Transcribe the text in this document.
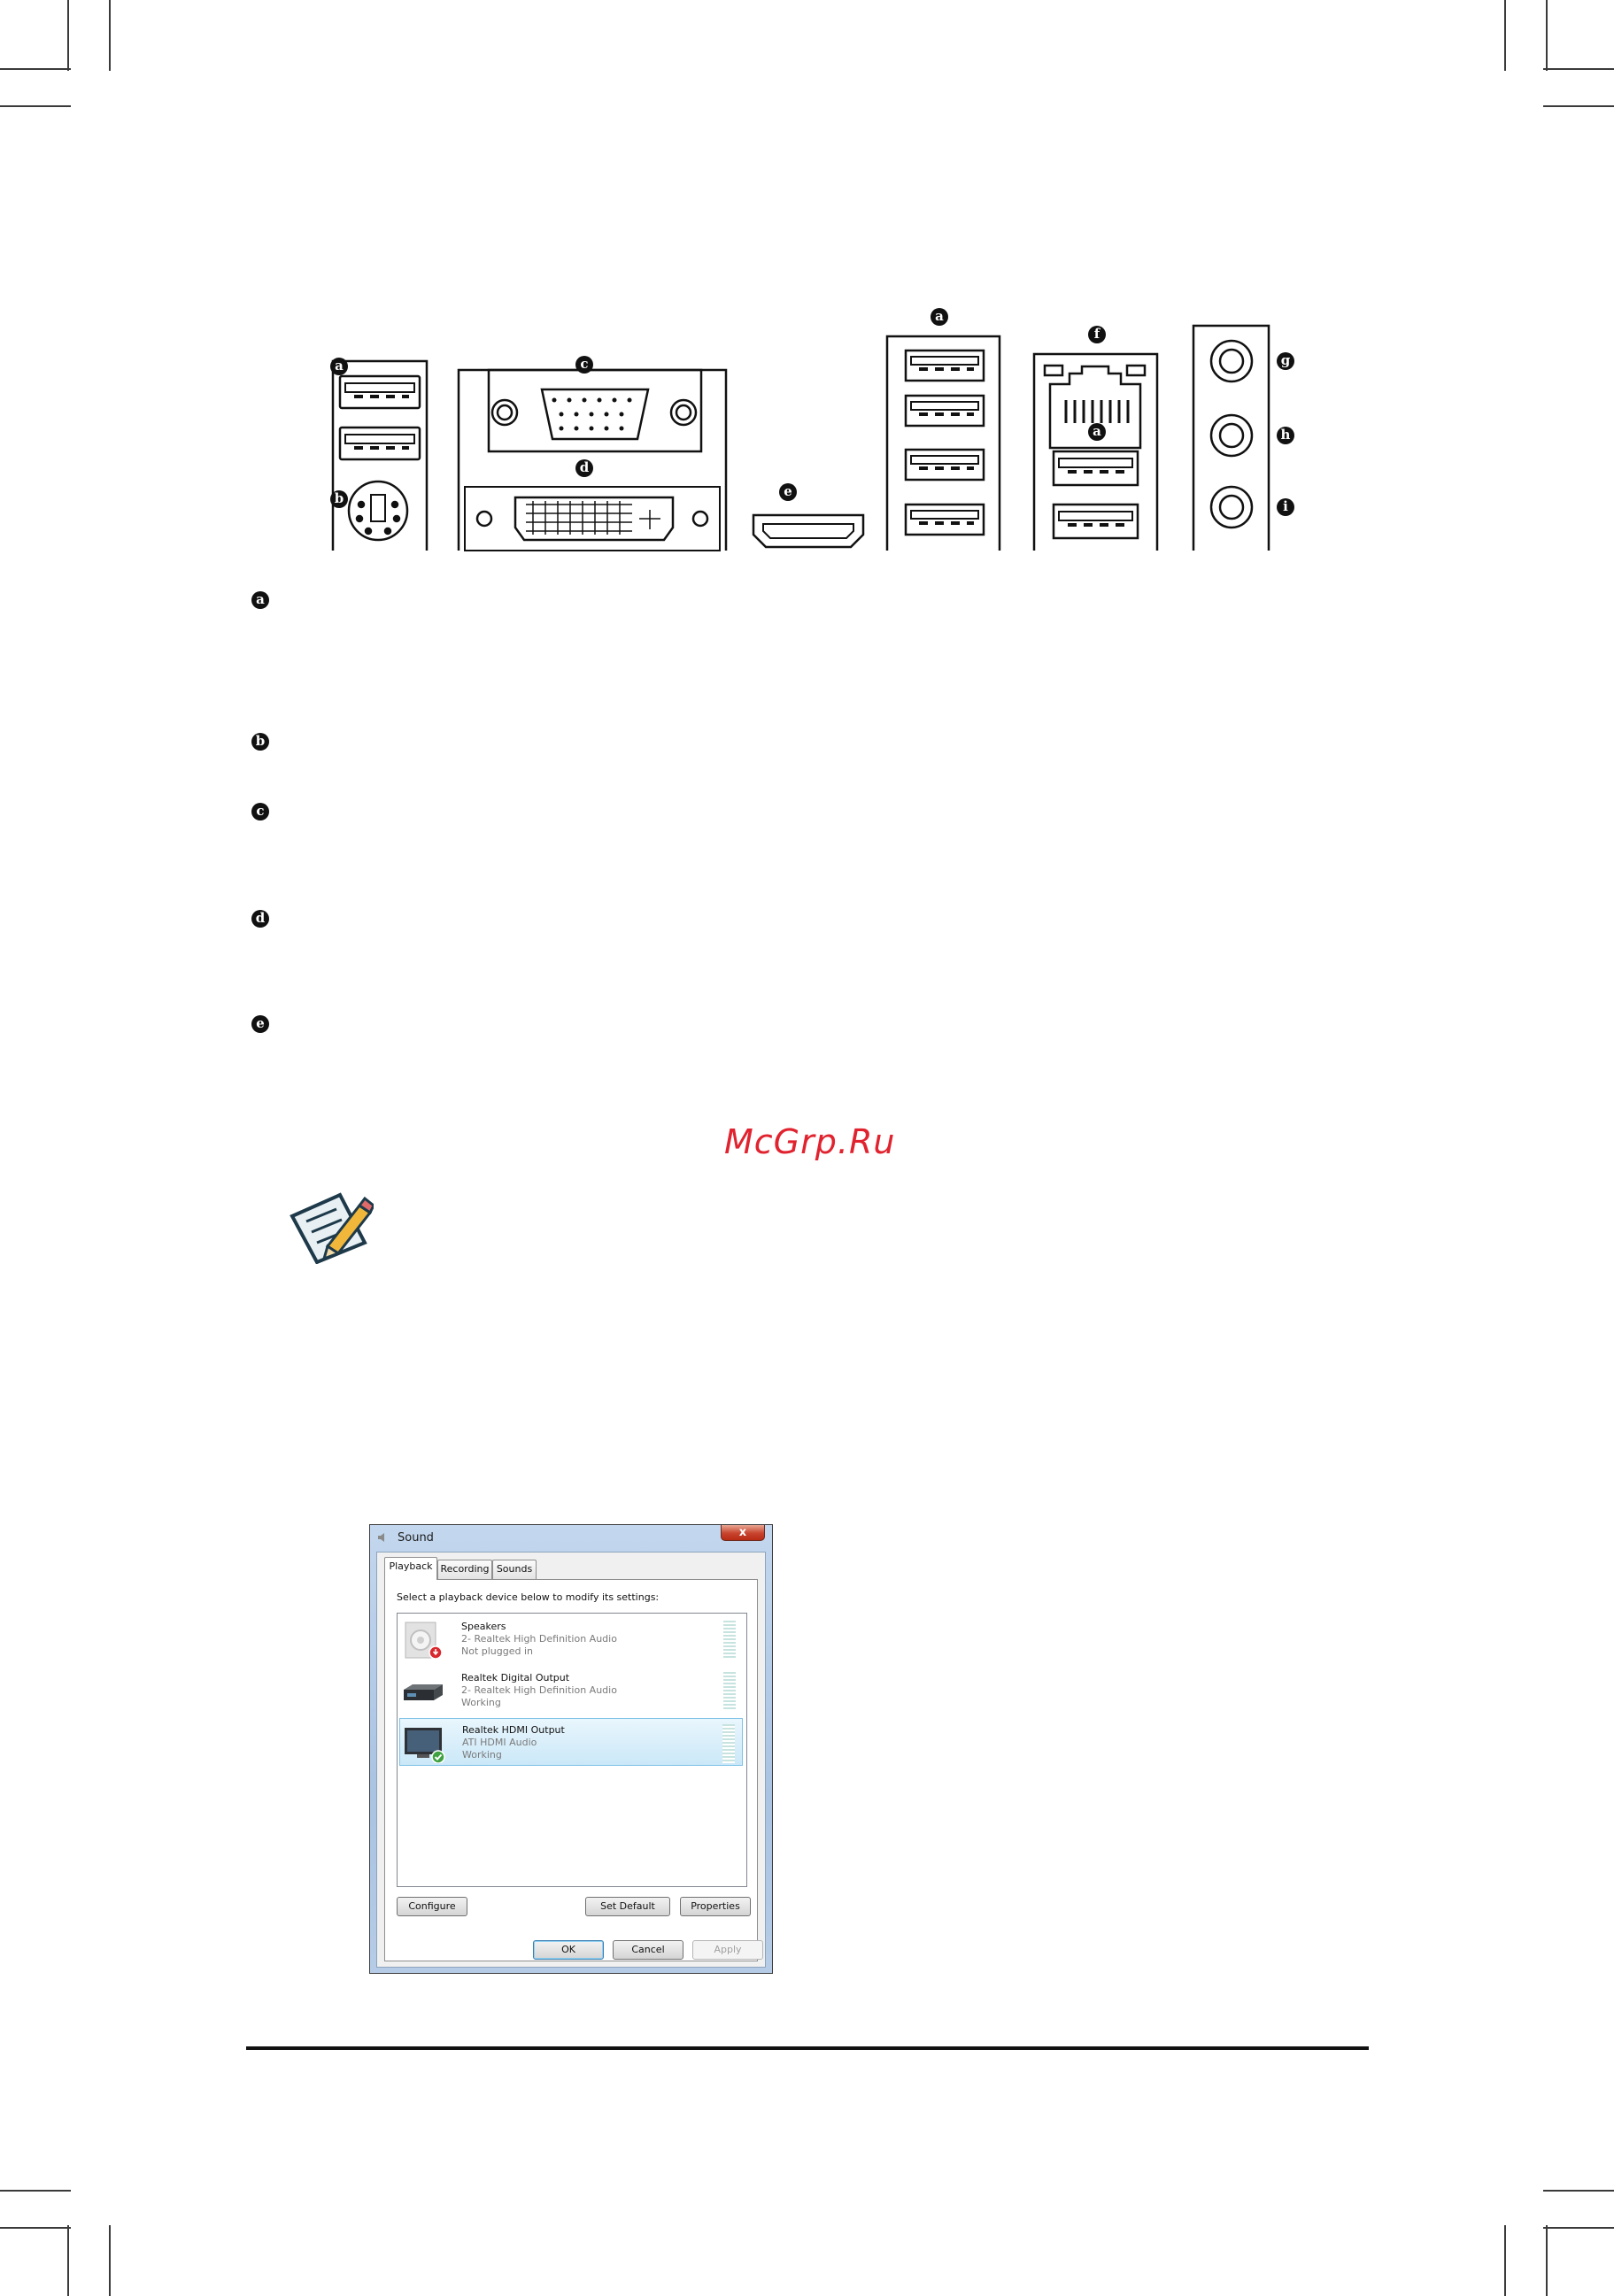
a
b
c
d
e
a
f
a
g
h
i
a
b
c
d
e
McGrp.Ru
Sound	x
Playback Recording Sounds
Select a playback device below to modify its settings:
Speakers
2- Realtek High Definition Audio
Not plugged in
Realtek Digital Output
2- Realtek High Definition Audio
Working
Realtek HDMI Output
ATI HDMI Audio
Working
Configure	Set Default	Properties
OK	Cancel	Apply
